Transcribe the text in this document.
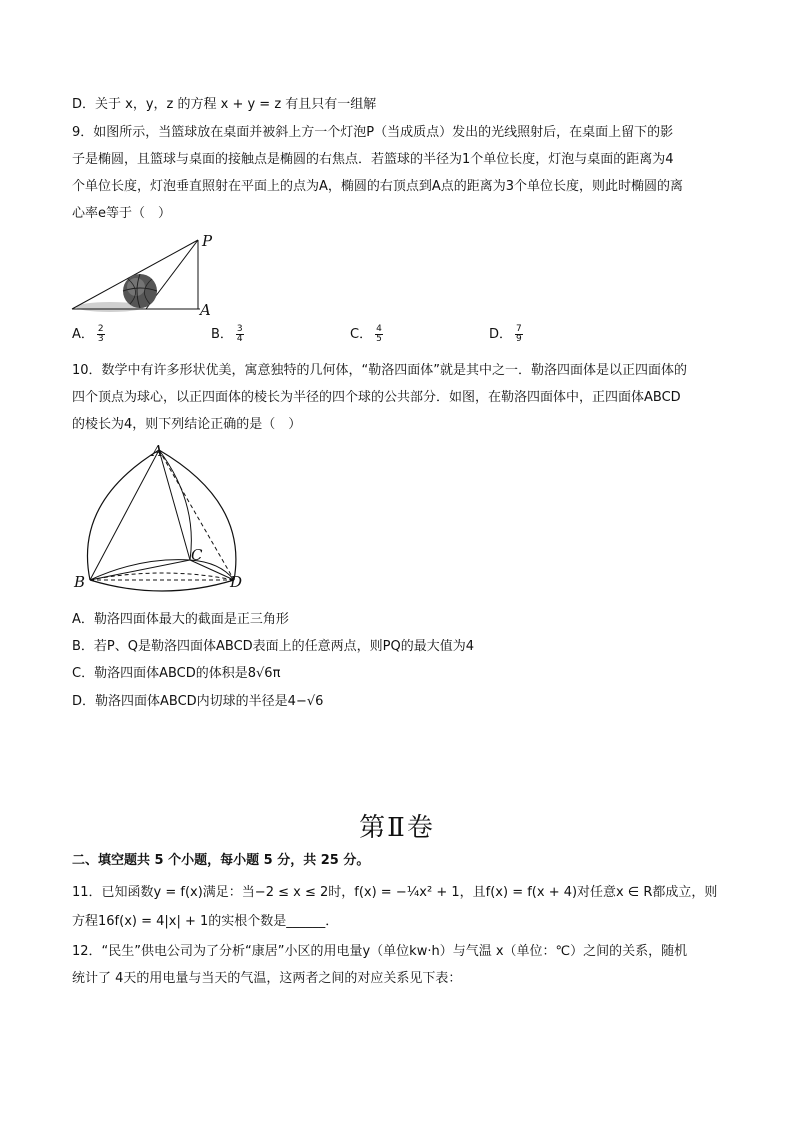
D．关于 x，y，z 的方程 x + y = z 有且只有一组解
9．如图所示，当篮球放在桌面并被斜上方一个灯泡P（当成质点）发出的光线照射后，在桌面上留下的影
子是椭圆，且篮球与桌面的接触点是椭圆的右焦点．若篮球的半径为1个单位长度，灯泡与桌面的距离为4
个单位长度，灯泡垂直照射在平面上的点为A，椭圆的右顶点到A点的距离为3个单位长度，则此时椭圆的离
心率e等于（　）
P
A
A． $\frac{2}{3}$	B． $\frac{3}{4}$	C． $\frac{4}{5}$	D． $\frac{7}{9}$
10．数学中有许多形状优美，寓意独特的几何体，“勒洛四面体”就是其中之一．勒洛四面体是以正四面体的
四个顶点为球心，以正四面体的棱长为半径的四个球的公共部分．如图，在勒洛四面体中，正四面体ABCD
的棱长为4，则下列结论正确的是（　）
A
B
C
D
A．勒洛四面体最大的截面是正三角形
B．若P、Q是勒洛四面体ABCD表面上的任意两点，则PQ的最大值为4
C．勒洛四面体ABCD的体积是8√6π
D．勒洛四面体ABCD内切球的半径是4−√6
第Ⅱ卷
二、填空题共 5 个小题，每小题 5 分，共 25 分。
11．已知函数y = f(x)满足：当−2 ≤ x ≤ 2时，f(x) = −¼x² + 1，且f(x) = f(x + 4)对任意x ∈ R都成立，则
方程16f(x) = 4|x| + 1的实根个数是______．
12．“民生”供电公司为了分析“康居”小区的用电量y（单位kw·h）与气温 x（单位：℃）之间的关系，随机
统计了 4天的用电量与当天的气温，这两者之间的对应关系见下表：
